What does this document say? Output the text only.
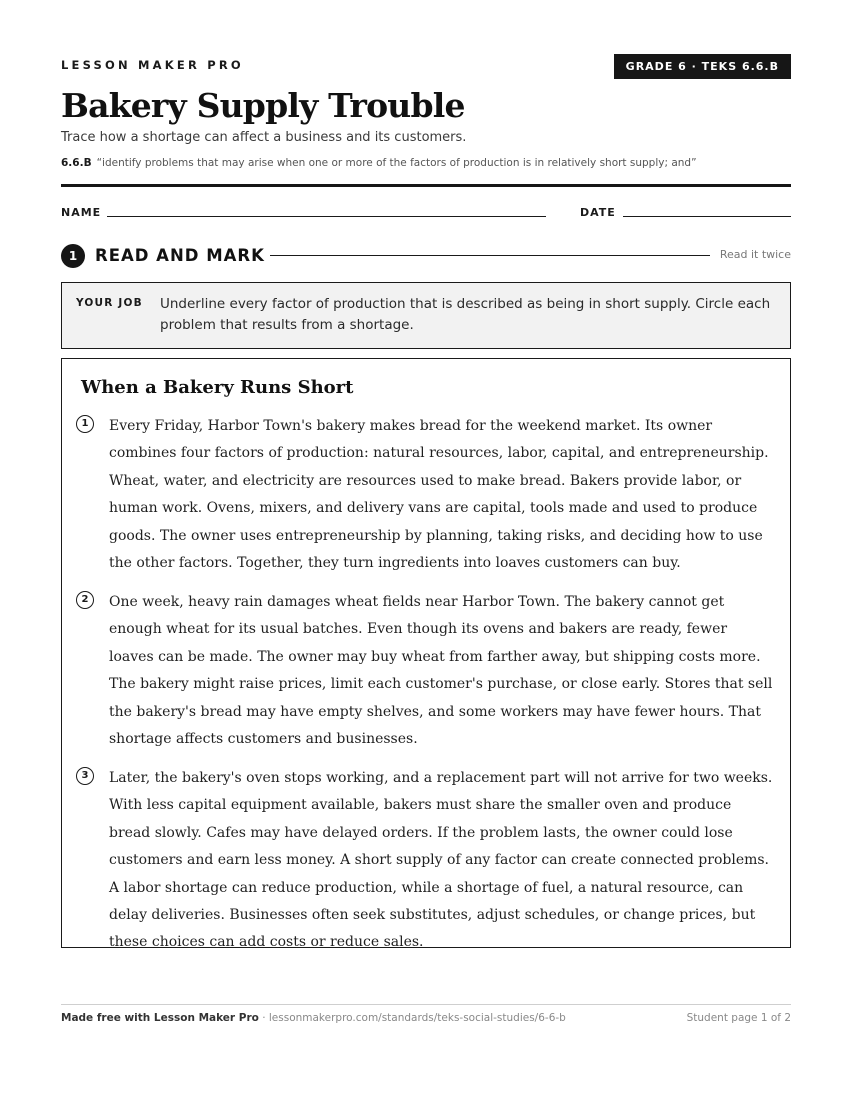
LESSON MAKER PRO	GRADE 6 · TEKS 6.6.B
Bakery Supply Trouble
Trace how a shortage can affect a business and its customers.
6.6.B “identify problems that may arise when one or more of the factors of production is in relatively short supply; and”
NAME	DATE
1	READ AND MARK	Read it twice
YOUR JOB Underline every factor of production that is described as being in short supply. Circle each problem that results from a shortage.
When a Bakery Runs Short
1	Every Friday, Harbor Town's bakery makes bread for the weekend market. Its owner combines four factors of production: natural resources, labor, capital, and entrepreneurship. Wheat, water, and electricity are resources used to make bread. Bakers provide labor, or human work. Ovens, mixers, and delivery vans are capital, tools made and used to produce goods. The owner uses entrepreneurship by planning, taking risks, and deciding how to use the other factors. Together, they turn ingredients into loaves customers can buy.

2	One week, heavy rain damages wheat fields near Harbor Town. The bakery cannot get enough wheat for its usual batches. Even though its ovens and bakers are ready, fewer loaves can be made. The owner may buy wheat from farther away, but shipping costs more. The bakery might raise prices, limit each customer's purchase, or close early. Stores that sell the bakery's bread may have empty shelves, and some workers may have fewer hours. That shortage affects customers and businesses.

3	Later, the bakery's oven stops working, and a replacement part will not arrive for two weeks. With less capital equipment available, bakers must share the smaller oven and produce bread slowly. Cafes may have delayed orders. If the problem lasts, the owner could lose customers and earn less money. A short supply of any factor can create connected problems. A labor shortage can reduce production, while a shortage of fuel, a natural resource, can delay deliveries. Businesses often seek substitutes, adjust schedules, or change prices, but these choices can add costs or reduce sales.

Made free with Lesson Maker Pro · lessonmakerpro.com/standards/teks-social-studies/6-6-b	Student page 1 of 2
